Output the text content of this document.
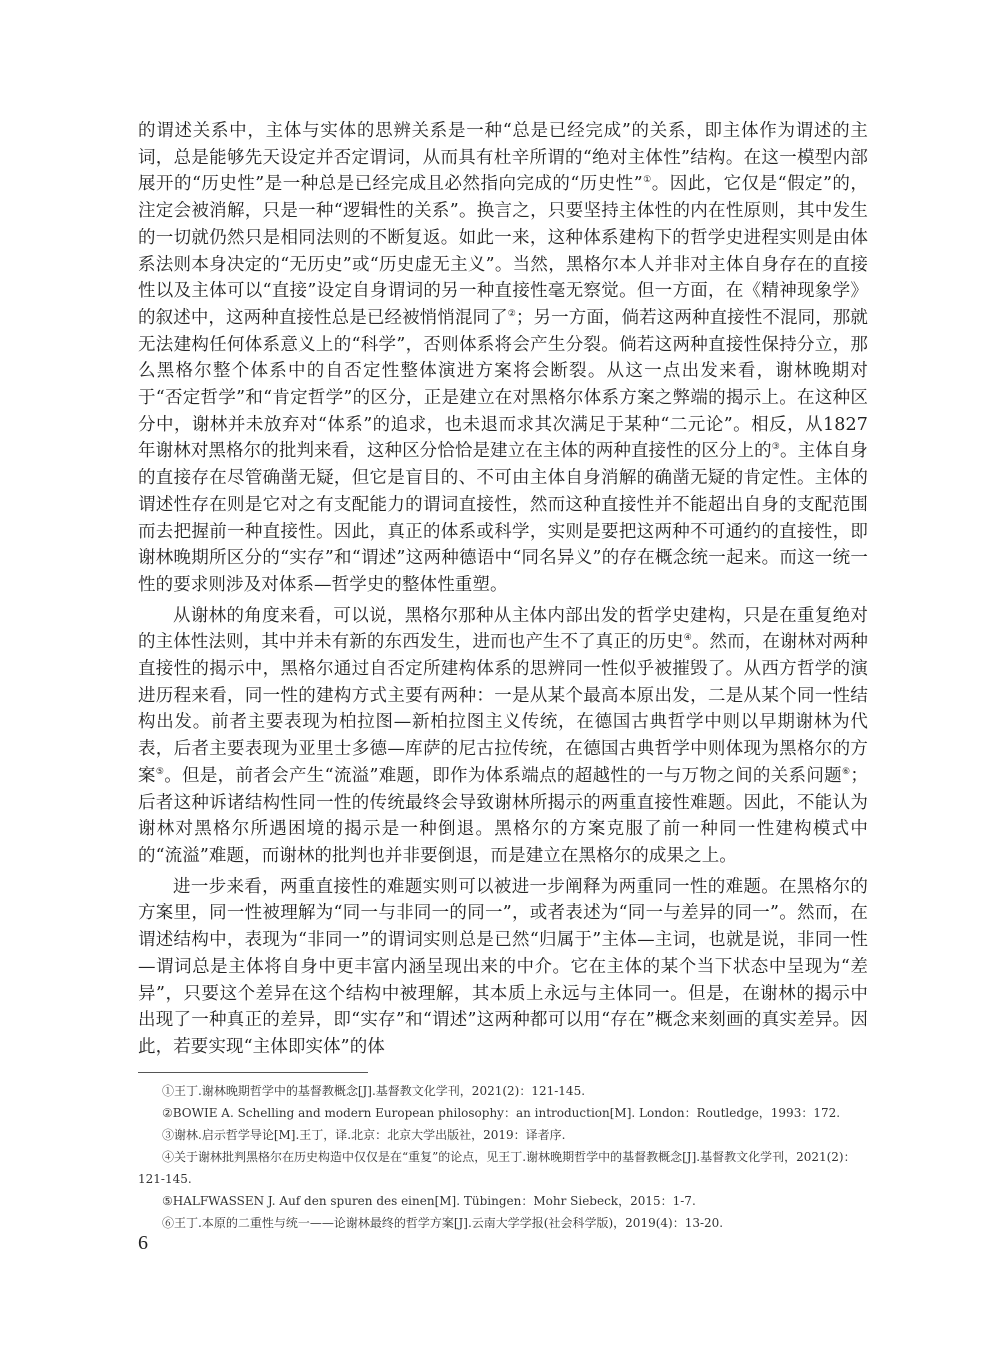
的谓述关系中，主体与实体的思辨关系是一种“总是已经完成”的关系，即主体作为谓述的主词，总是能够先天设定并否定谓词，从而具有杜辛所谓的“绝对主体性”结构。在这一模型内部展开的“历史性”是一种总是已经完成且必然指向完成的“历史性”①。因此，它仅是“假定”的，注定会被消解，只是一种“逻辑性的关系”。换言之，只要坚持主体性的内在性原则，其中发生的一切就仍然只是相同法则的不断复返。如此一来，这种体系建构下的哲学史进程实则是由体系法则本身决定的“无历史”或“历史虚无主义”。当然，黑格尔本人并非对主体自身存在的直接性以及主体可以“直接”设定自身谓词的另一种直接性毫无察觉。但一方面，在《精神现象学》的叙述中，这两种直接性总是已经被悄悄混同了②；另一方面，倘若这两种直接性不混同，那就无法建构任何体系意义上的“科学”，否则体系将会产生分裂。倘若这两种直接性保持分立，那么黑格尔整个体系中的自否定性整体演进方案将会断裂。从这一点出发来看，谢林晚期对于“否定哲学”和“肯定哲学”的区分，正是建立在对黑格尔体系方案之弊端的揭示上。在这种区分中，谢林并未放弃对“体系”的追求，也未退而求其次满足于某种“二元论”。相反，从1827年谢林对黑格尔的批判来看，这种区分恰恰是建立在主体的两种直接性的区分上的③。主体自身的直接存在尽管确凿无疑，但它是盲目的、不可由主体自身消解的确凿无疑的肯定性。主体的谓述性存在则是它对之有支配能力的谓词直接性，然而这种直接性并不能超出自身的支配范围而去把握前一种直接性。因此，真正的体系或科学，实则是要把这两种不可通约的直接性，即谢林晚期所区分的“实存”和“谓述”这两种德语中“同名异义”的存在概念统一起来。而这一统一性的要求则涉及对体系—哲学史的整体性重塑。

从谢林的角度来看，可以说，黑格尔那种从主体内部出发的哲学史建构，只是在重复绝对的主体性法则，其中并未有新的东西发生，进而也产生不了真正的历史④。然而，在谢林对两种直接性的揭示中，黑格尔通过自否定所建构体系的思辨同一性似乎被摧毁了。从西方哲学的演进历程来看，同一性的建构方式主要有两种：一是从某个最高本原出发，二是从某个同一性结构出发。前者主要表现为柏拉图—新柏拉图主义传统，在德国古典哲学中则以早期谢林为代表，后者主要表现为亚里士多德—库萨的尼古拉传统，在德国古典哲学中则体现为黑格尔的方案⑤。但是，前者会产生“流溢”难题，即作为体系端点的超越性的一与万物之间的关系问题⑥；后者这种诉诸结构性同一性的传统最终会导致谢林所揭示的两重直接性难题。因此，不能认为谢林对黑格尔所遇困境的揭示是一种倒退。黑格尔的方案克服了前一种同一性建构模式中的“流溢”难题，而谢林的批判也并非要倒退，而是建立在黑格尔的成果之上。

进一步来看，两重直接性的难题实则可以被进一步阐释为两重同一性的难题。在黑格尔的方案里，同一性被理解为“同一与非同一的同一”，或者表述为“同一与差异的同一”。然而，在谓述结构中，表现为“非同一”的谓词实则总是已然“归属于”主体—主词，也就是说，非同一性—谓词总是主体将自身中更丰富内涵呈现出来的中介。它在主体的某个当下状态中呈现为“差异”，只要这个差异在这个结构中被理解，其本质上永远与主体同一。但是，在谢林的揭示中出现了一种真正的差异，即“实存”和“谓述”这两种都可以用“存在”概念来刻画的真实差异。因此，若要实现“主体即实体”的体

①王丁.谢林晚期哲学中的基督教概念[J].基督教文化学刊，2021(2)：121-145.

②BOWIE A. Schelling and modern European philosophy：an introduction[M]. London：Routledge，1993：172.

③谢林.启示哲学导论[M].王丁，译.北京：北京大学出版社，2019：译者序.

④关于谢林批判黑格尔在历史构造中仅仅是在“重复”的论点，见王丁.谢林晚期哲学中的基督教概念[J].基督教文化学刊，2021(2)：121-145.

⑤HALFWASSEN J. Auf den spuren des einen[M]. Tübingen：Mohr Siebeck，2015：1-7.

⑥王丁.本原的二重性与统一——论谢林最终的哲学方案[J].云南大学学报(社会科学版)，2019(4)：13-20.

6
